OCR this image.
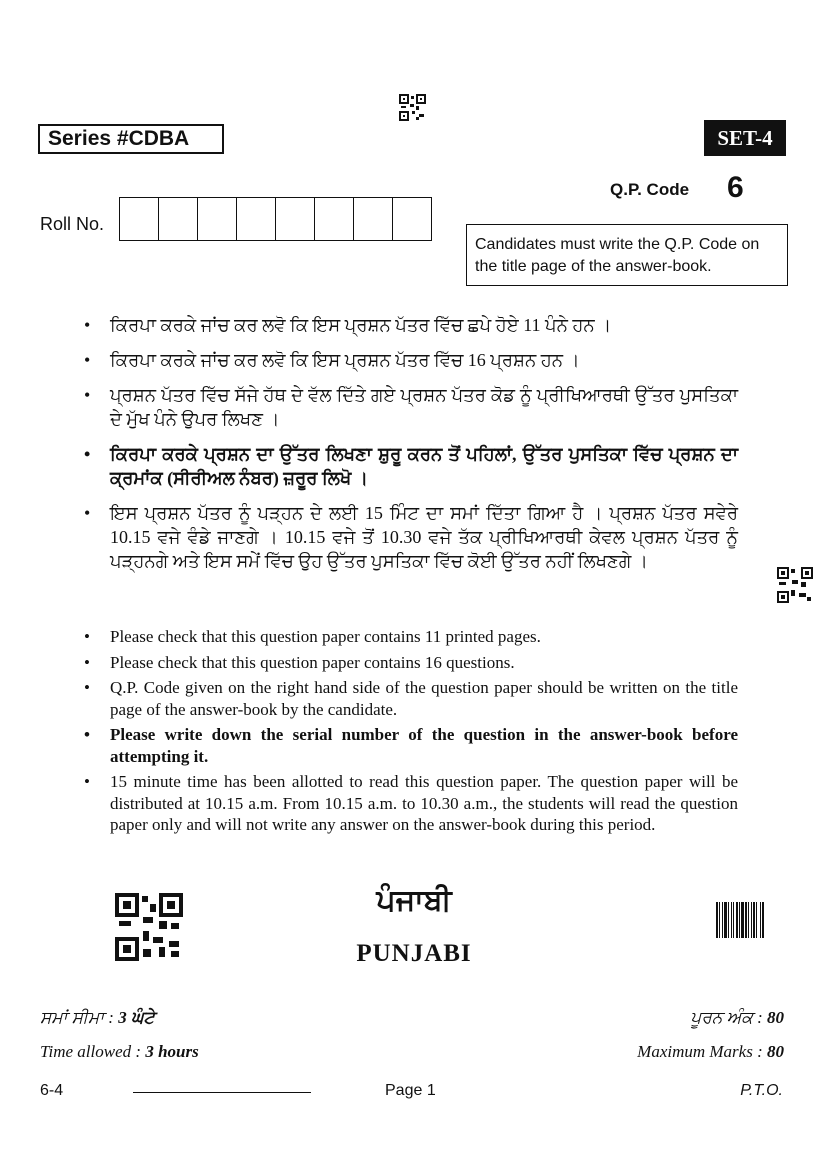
Series #CDBA	SET-4
Q.P. Code 6
Roll No.
Candidates must write the Q.P. Code on the title page of the answer-book.
• ਕਿਰਪਾ ਕਰਕੇ ਜਾਂਚ ਕਰ ਲਵੋ ਕਿ ਇਸ ਪ੍ਰਸ਼ਨ ਪੱਤਰ ਵਿੱਚ ਛਪੇ ਹੋਏ 11 ਪੰਨੇ ਹਨ ।
• ਕਿਰਪਾ ਕਰਕੇ ਜਾਂਚ ਕਰ ਲਵੋ ਕਿ ਇਸ ਪ੍ਰਸ਼ਨ ਪੱਤਰ ਵਿੱਚ 16 ਪ੍ਰਸ਼ਨ ਹਨ ।
• ਪ੍ਰਸ਼ਨ ਪੱਤਰ ਵਿੱਚ ਸੱਜੇ ਹੱਥ ਦੇ ਵੱਲ ਦਿੱਤੇ ਗਏ ਪ੍ਰਸ਼ਨ ਪੱਤਰ ਕੋਡ ਨੂੰ ਪ੍ਰੀਖਿਆਰਥੀ ਉੱਤਰ ਪੁਸਤਿਕਾ ਦੇ ਮੁੱਖ ਪੰਨੇ ਉਪਰ ਲਿਖਣ ।
• ਕਿਰਪਾ ਕਰਕੇ ਪ੍ਰਸ਼ਨ ਦਾ ਉੱਤਰ ਲਿਖਣਾ ਸ਼ੁਰੂ ਕਰਨ ਤੋਂ ਪਹਿਲਾਂ, ਉੱਤਰ ਪੁਸਤਿਕਾ ਵਿੱਚ ਪ੍ਰਸ਼ਨ ਦਾ ਕ੍ਰਮਾਂਕ (ਸੀਰੀਅਲ ਨੰਬਰ) ਜ਼ਰੂਰ ਲਿਖੋ ।
• ਇਸ ਪ੍ਰਸ਼ਨ ਪੱਤਰ ਨੂੰ ਪੜ੍ਹਨ ਦੇ ਲਈ 15 ਮਿੰਟ ਦਾ ਸਮਾਂ ਦਿੱਤਾ ਗਿਆ ਹੈ । ਪ੍ਰਸ਼ਨ ਪੱਤਰ ਸਵੇਰੇ 10.15 ਵਜੇ ਵੰਡੇ ਜਾਣਗੇ । 10.15 ਵਜੇ ਤੋਂ 10.30 ਵਜੇ ਤੱਕ ਪ੍ਰੀਖਿਆਰਥੀ ਕੇਵਲ ਪ੍ਰਸ਼ਨ ਪੱਤਰ ਨੂੰ ਪੜ੍ਹਨਗੇ ਅਤੇ ਇਸ ਸਮੇਂ ਵਿੱਚ ਉਹ ਉੱਤਰ ਪੁਸਤਿਕਾ ਵਿੱਚ ਕੋਈ ਉੱਤਰ ਨਹੀਂ ਲਿਖਣਗੇ ।
• Please check that this question paper contains 11 printed pages.
• Please check that this question paper contains 16 questions.
• Q.P. Code given on the right hand side of the question paper should be written on the title page of the answer-book by the candidate.
• Please write down the serial number of the question in the answer-book before attempting it.
• 15 minute time has been allotted to read this question paper. The question paper will be distributed at 10.15 a.m. From 10.15 a.m. to 10.30 a.m., the students will read the question paper only and will not write any answer on the answer-book during this period.
ਪੰਜਾਬੀ
PUNJABI
ਸਮਾਂ ਸੀਮਾ : 3 ਘੰਟੇ	ਪੂਰਨ ਅੰਕ : 80
Time allowed : 3 hours	Maximum Marks : 80
6-4	Page 1	P.T.O.
